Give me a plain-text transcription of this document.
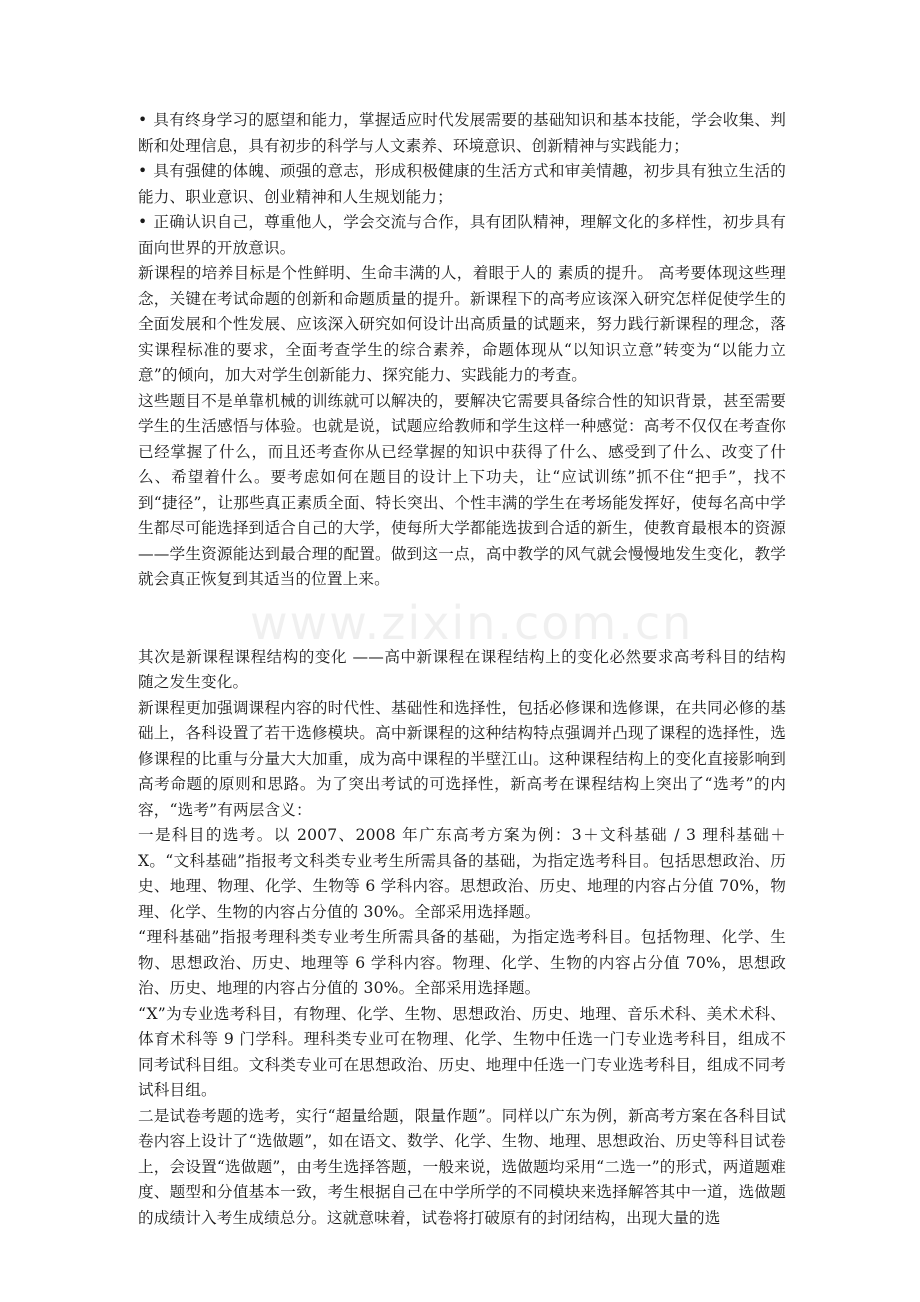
www.zixin.com.cn

• 具有终身学习的愿望和能力，掌握适应时代发展需要的基础知识和基本技能，学会收集、判断和处理信息，具有初步的科学与人文素养、环境意识、创新精神与实践能力；

• 具有强健的体魄、顽强的意志，形成积极健康的生活方式和审美情趣，初步具有独立生活的能力、职业意识、创业精神和人生规划能力；

• 正确认识自己，尊重他人，学会交流与合作，具有团队精神，理解文化的多样性，初步具有面向世界的开放意识。

新课程的培养目标是个性鲜明、生命丰满的人，着眼于人的 素质的提升。 高考要体现这些理念，关键在考试命题的创新和命题质量的提升。新课程下的高考应该深入研究怎样促使学生的全面发展和个性发展、应该深入研究如何设计出高质量的试题来，努力践行新课程的理念，落实课程标准的要求，全面考查学生的综合素养，命题体现从“以知识立意”转变为“以能力立意”的倾向，加大对学生创新能力、探究能力、实践能力的考查。

这些题目不是单靠机械的训练就可以解决的，要解决它需要具备综合性的知识背景，甚至需要学生的生活感悟与体验。也就是说，试题应给教师和学生这样一种感觉：高考不仅仅在考查你已经掌握了什么，而且还考查你从已经掌握的知识中获得了什么、感受到了什么、改变了什么、希望着什么。要考虑如何在题目的设计上下功夫，让“应试训练”抓不住“把手”，找不到“捷径”，让那些真正素质全面、特长突出、个性丰满的学生在考场能发挥好，使每名高中学生都尽可能选择到适合自己的大学，使每所大学都能选拔到合适的新生，使教育最根本的资源——学生资源能达到最合理的配置。做到这一点，高中教学的风气就会慢慢地发生变化，教学就会真正恢复到其适当的位置上来。

其次是新课程课程结构的变化 ——高中新课程在课程结构上的变化必然要求高考科目的结构随之发生变化。

新课程更加强调课程内容的时代性、基础性和选择性，包括必修课和选修课，在共同必修的基础上，各科设置了若干选修模块。高中新课程的这种结构特点强调并凸现了课程的选择性，选修课程的比重与分量大大加重，成为高中课程的半壁江山。这种课程结构上的变化直接影响到高考命题的原则和思路。为了突出考试的可选择性，新高考在课程结构上突出了“选考”的内容，“选考”有两层含义：

一是科目的选考。以 2007、2008 年广东高考方案为例：3＋文科基础 / 3 理科基础＋X。“文科基础”指报考文科类专业考生所需具备的基础，为指定选考科目。包括思想政治、历史、地理、物理、化学、生物等 6 学科内容。思想政治、历史、地理的内容占分值 70%，物理、化学、生物的内容占分值的 30%。全部采用选择题。

“理科基础”指报考理科类专业考生所需具备的基础，为指定选考科目。包括物理、化学、生物、思想政治、历史、地理等 6 学科内容。物理、化学、生物的内容占分值 70%，思想政治、历史、地理的内容占分值的 30%。全部采用选择题。

“X”为专业选考科目，有物理、化学、生物、思想政治、历史、地理、音乐术科、美术术科、体育术科等 9 门学科。理科类专业可在物理、化学、生物中任选一门专业选考科目，组成不同考试科目组。文科类专业可在思想政治、历史、地理中任选一门专业选考科目，组成不同考试科目组。

二是试卷考题的选考，实行“超量给题，限量作题”。同样以广东为例，新高考方案在各科目试卷内容上设计了“选做题”，如在语文、数学、化学、生物、地理、思想政治、历史等科目试卷上，会设置“选做题”，由考生选择答题，一般来说，选做题均采用“二选一”的形式，两道题难度、题型和分值基本一致，考生根据自己在中学所学的不同模块来选择解答其中一道，选做题的成绩计入考生成绩总分。这就意味着，试卷将打破原有的封闭结构，出现大量的选
